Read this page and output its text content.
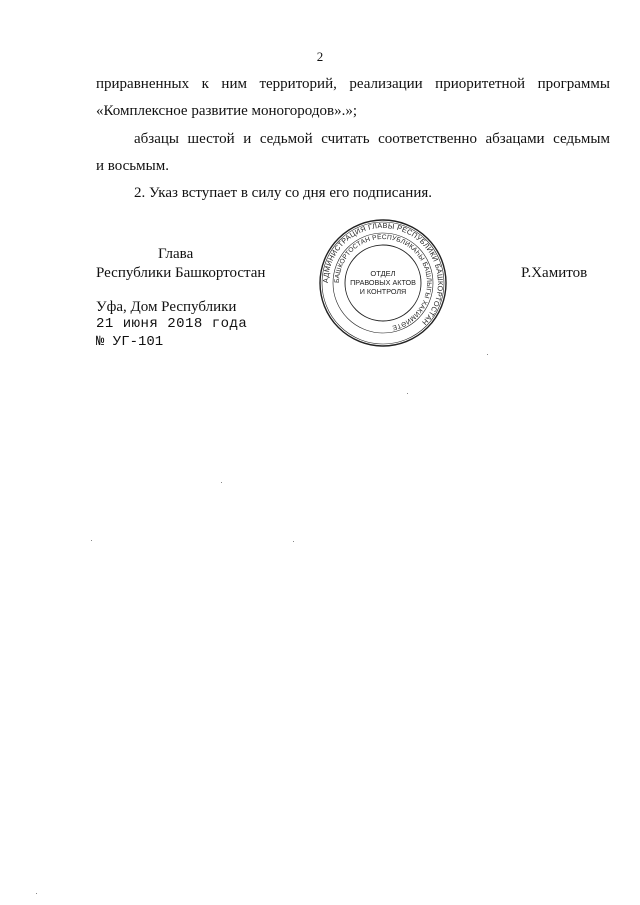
2
приравненных к ним территорий, реализации приоритетной программы
«Комплексное развитие моногородов».»;
абзацы шестой и седьмой считать соответственно абзацами седьмым
и восьмым.
2. Указ вступает в силу со дня его подписания.
Глава
Республики Башкортостан	Р.Хамитов
Уфа, Дом Республики
21 июня 2018 года
№ УГ-101
АДМИНИСТРАЦИЯ ГЛАВЫ РЕСПУБЛИКИ БАШКОРТОСТАН
БАШКОРТОСТАН РЕСПУБЛИКАҺЫ БАШЛЫГЫ ХАКИМИӘТЕ
ОТДЕЛ
ПРАВОВЫХ АКТОВ
И КОНТРОЛЯ
